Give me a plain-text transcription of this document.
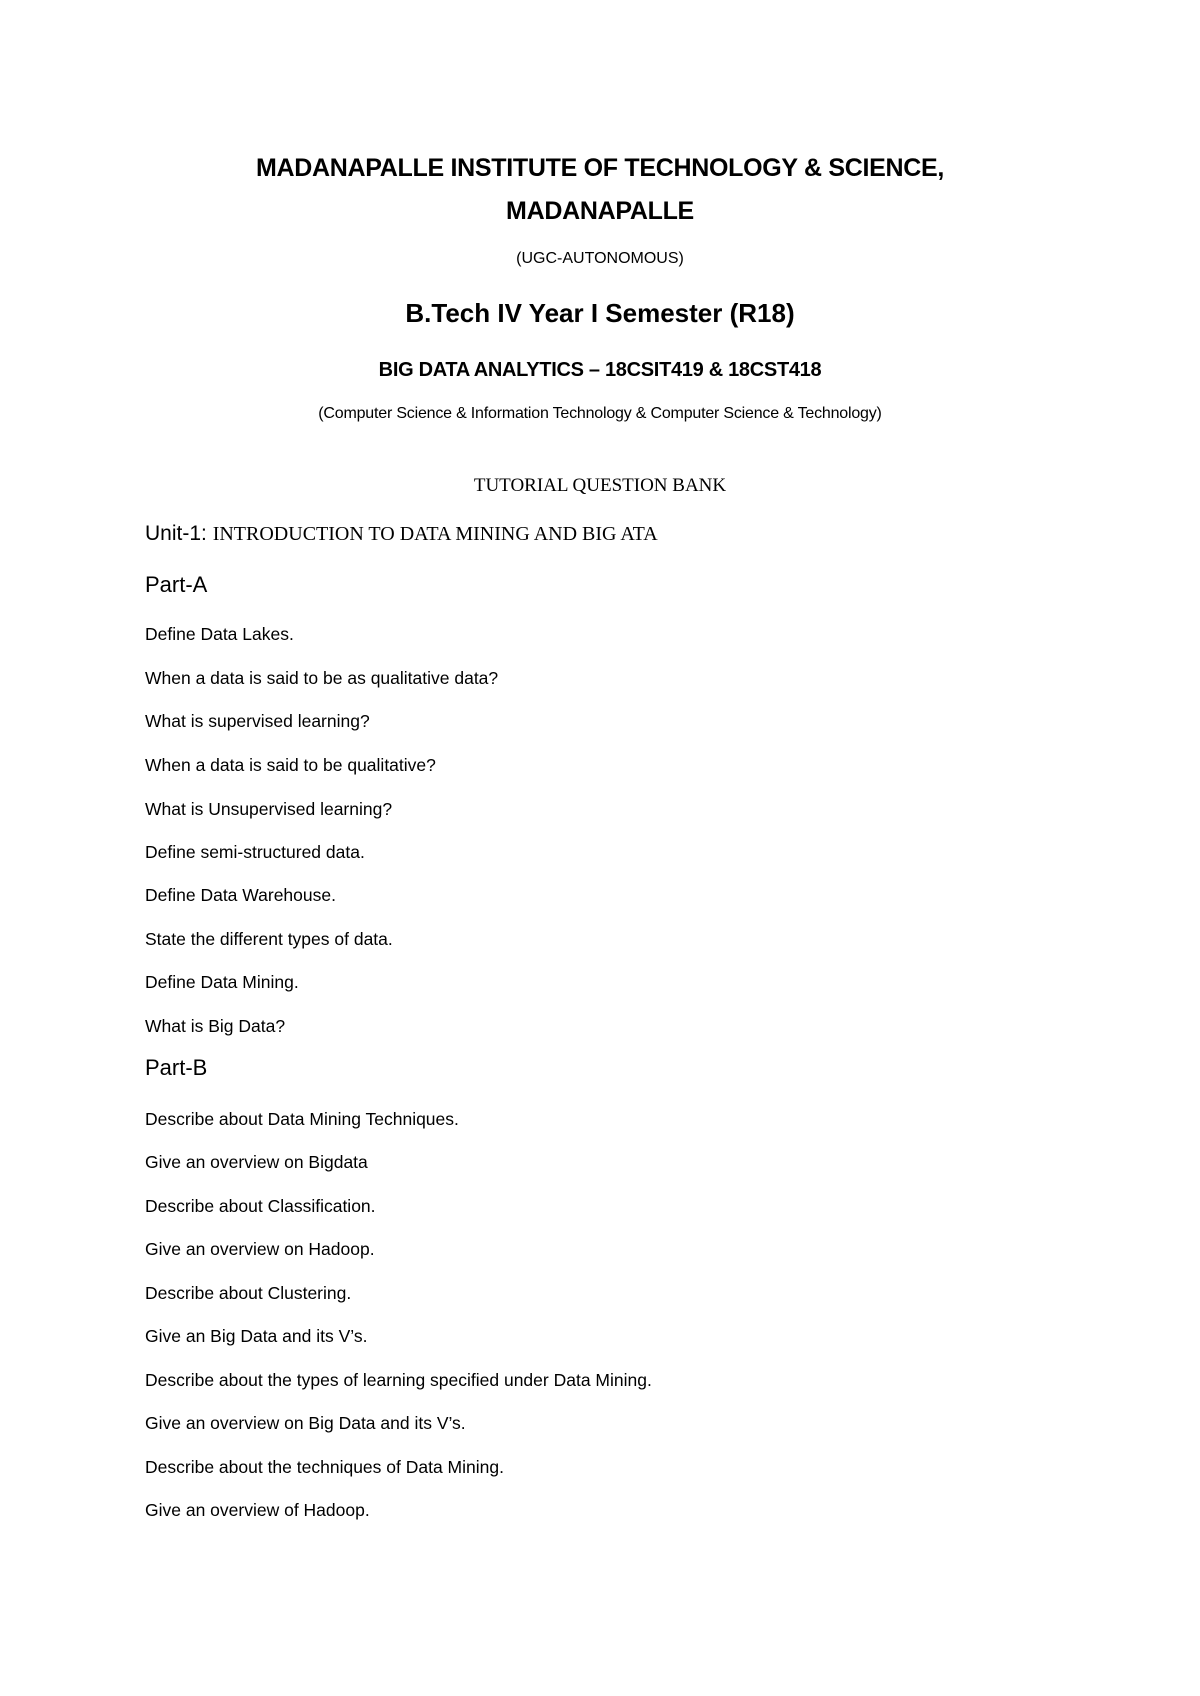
MADANAPALLE INSTITUTE OF TECHNOLOGY & SCIENCE,
MADANAPALLE
(UGC-AUTONOMOUS)
B.Tech IV Year I Semester (R18)
BIG DATA ANALYTICS – 18CSIT419 & 18CST418
(Computer Science & Information Technology & Computer Science & Technology)
TUTORIAL QUESTION BANK
Unit-1: INTRODUCTION TO DATA MINING AND BIG ATA
Part-A
Define Data Lakes.
When a data is said to be as qualitative data?
What is supervised learning?
When a data is said to be qualitative?
What is Unsupervised learning?
Define semi-structured data.
Define Data Warehouse.
State the different types of data.
Define Data Mining.
What is Big Data?
Part-B
Describe about Data Mining Techniques.
Give an overview on Bigdata
Describe about Classification.
Give an overview on Hadoop.
Describe about Clustering.
Give an Big Data and its V’s.
Describe about the types of learning specified under Data Mining.
Give an overview on Big Data and its V’s.
Describe about the techniques of Data Mining.
Give an overview of Hadoop.
